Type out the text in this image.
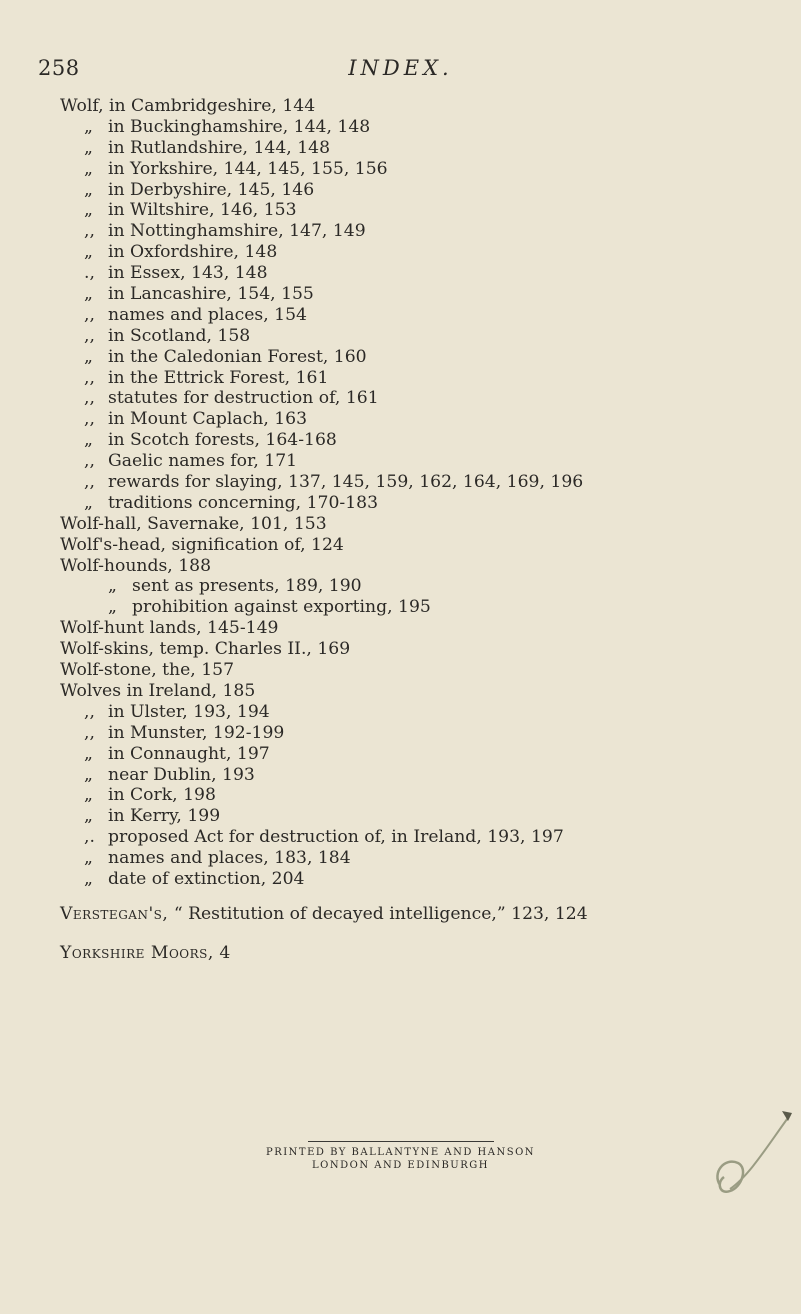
258	INDEX.
Wolf, in Cambridgeshire, 144
„ in Buckinghamshire, 144, 148
„ in Rutlandshire, 144, 148
„ in Yorkshire, 144, 145, 155, 156
„ in Derbyshire, 145, 146
„ in Wiltshire, 146, 153
,, in Nottinghamshire, 147, 149
„ in Oxfordshire, 148
., in Essex, 143, 148
„ in Lancashire, 154, 155
,, names and places, 154
,, in Scotland, 158
„ in the Caledonian Forest, 160
,, in the Ettrick Forest, 161
,, statutes for destruction of, 161
,, in Mount Caplach, 163
„ in Scotch forests, 164-168
,, Gaelic names for, 171
,, rewards for slaying, 137, 145, 159, 162, 164, 169, 196
„ traditions concerning, 170-183
Wolf-hall, Savernake, 101, 153
Wolf's-head, signification of, 124
Wolf-hounds, 188
„ sent as presents, 189, 190
„ prohibition against exporting, 195
Wolf-hunt lands, 145-149
Wolf-skins, temp. Charles II., 169
Wolf-stone, the, 157
Wolves in Ireland, 185
,, in Ulster, 193, 194
,, in Munster, 192-199
„ in Connaught, 197
„ near Dublin, 193
„ in Cork, 198
„ in Kerry, 199
,. proposed Act for destruction of, in Ireland, 193, 197
„ names and places, 183, 184
„ date of extinction, 204
Verstegan's, “ Restitution of decayed intelligence,” 123, 124
Yorkshire Moors, 4
PRINTED BY BALLANTYNE AND HANSON
LONDON AND EDINBURGH
